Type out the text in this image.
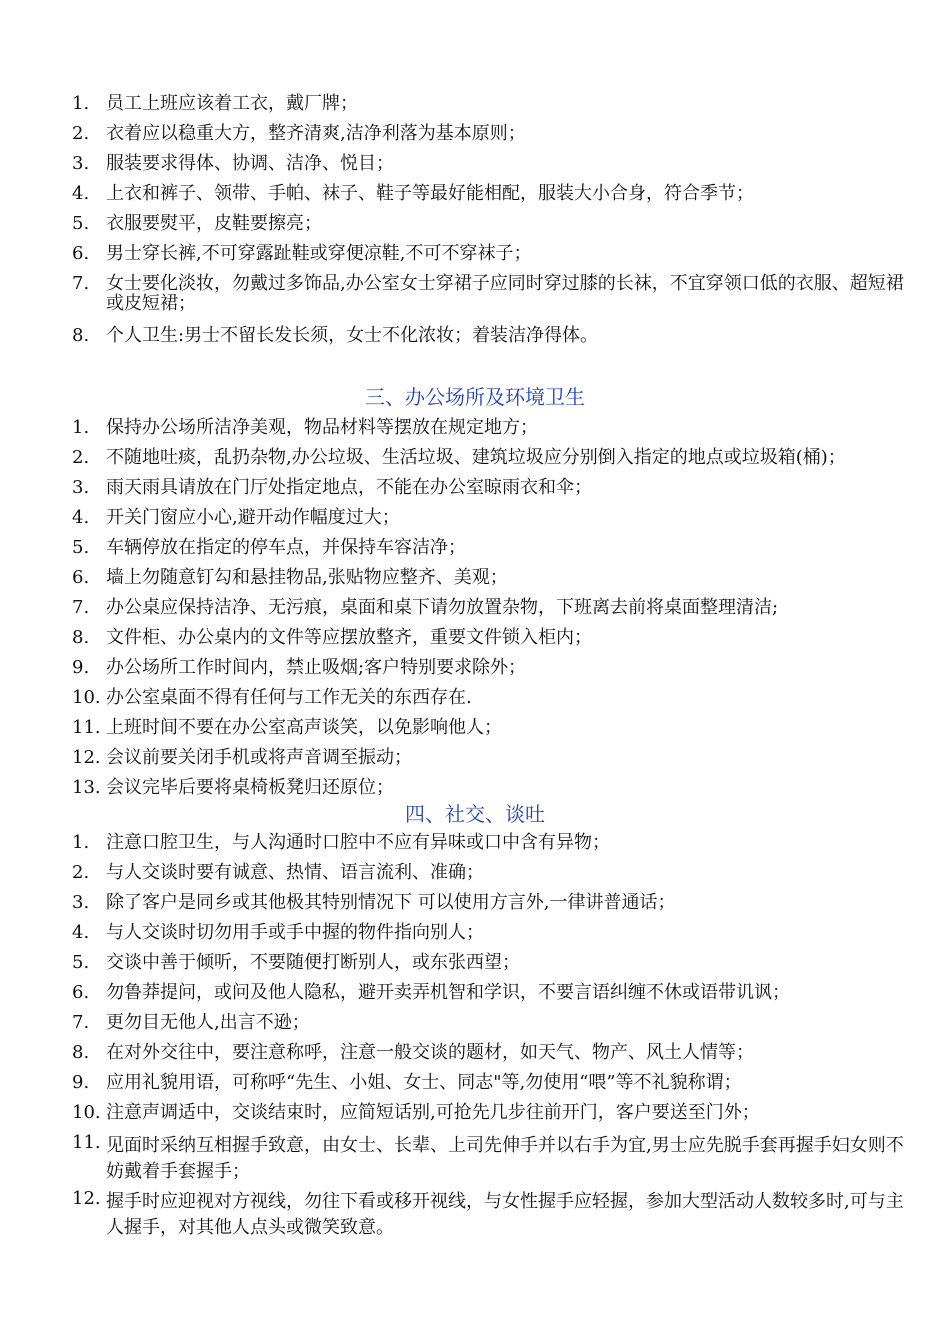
1. 员工上班应该着工衣，戴厂牌；
2. 衣着应以稳重大方，整齐清爽,洁净利落为基本原则；
3. 服装要求得体、协调、洁净、悦目；
4. 上衣和裤子、领带、手帕、袜子、鞋子等最好能相配，服装大小合身，符合季节；
5. 衣服要熨平，皮鞋要擦亮；
6. 男士穿长裤,不可穿露趾鞋或穿便凉鞋,不可不穿袜子；
7. 女士要化淡妆，勿戴过多饰品,办公室女士穿裙子应同时穿过膝的长袜，不宜穿领口低的衣服、超短裙或皮短裙；
8. 个人卫生:男士不留长发长须，女士不化浓妆；着装洁净得体。
三、办公场所及环境卫生
1. 保持办公场所洁净美观，物品材料等摆放在规定地方；
2. 不随地吐痰，乱扔杂物,办公垃圾、生活垃圾、建筑垃圾应分别倒入指定的地点或垃圾箱(桶)；
3. 雨天雨具请放在门厅处指定地点，不能在办公室晾雨衣和伞；
4. 开关门窗应小心,避开动作幅度过大；
5. 车辆停放在指定的停车点，并保持车容洁净；
6. 墙上勿随意钉勾和悬挂物品,张贴物应整齐、美观；
7. 办公桌应保持洁净、无污痕，桌面和桌下请勿放置杂物，下班离去前将桌面整理清洁;
8. 文件柜、办公桌内的文件等应摆放整齐，重要文件锁入柜内；
9. 办公场所工作时间内，禁止吸烟;客户特别要求除外；
10. 办公室桌面不得有任何与工作无关的东西存在.
11. 上班时间不要在办公室高声谈笑，以免影响他人；
12. 会议前要关闭手机或将声音调至振动；
13. 会议完毕后要将桌椅板凳归还原位；
四、社交、谈吐
1. 注意口腔卫生，与人沟通时口腔中不应有异味或口中含有异物；
2. 与人交谈时要有诚意、热情、语言流利、准确；
3. 除了客户是同乡或其他极其特别情况下 可以使用方言外,一律讲普通话；
4. 与人交谈时切勿用手或手中握的物件指向别人；
5. 交谈中善于倾听，不要随便打断别人，或东张西望；
6. 勿鲁莽提问，或问及他人隐私，避开卖弄机智和学识，不要言语纠缠不休或语带讥讽；
7. 更勿目无他人,出言不逊；
8. 在对外交往中，要注意称呼，注意一般交谈的题材，如天气、物产、风土人情等；
9. 应用礼貌用语，可称呼“先生、小姐、女士、同志"等,勿使用“喂”等不礼貌称谓；
10. 注意声调适中，交谈结束时，应简短话别,可抢先几步往前开门，客户要送至门外；
11. 见面时采纳互相握手致意，由女士、长辈、上司先伸手并以右手为宜,男士应先脱手套再握手妇女则不妨戴着手套握手；
12. 握手时应迎视对方视线，勿往下看或移开视线，与女性握手应轻握，参加大型活动人数较多时,可与主人握手，对其他人点头或微笑致意。
